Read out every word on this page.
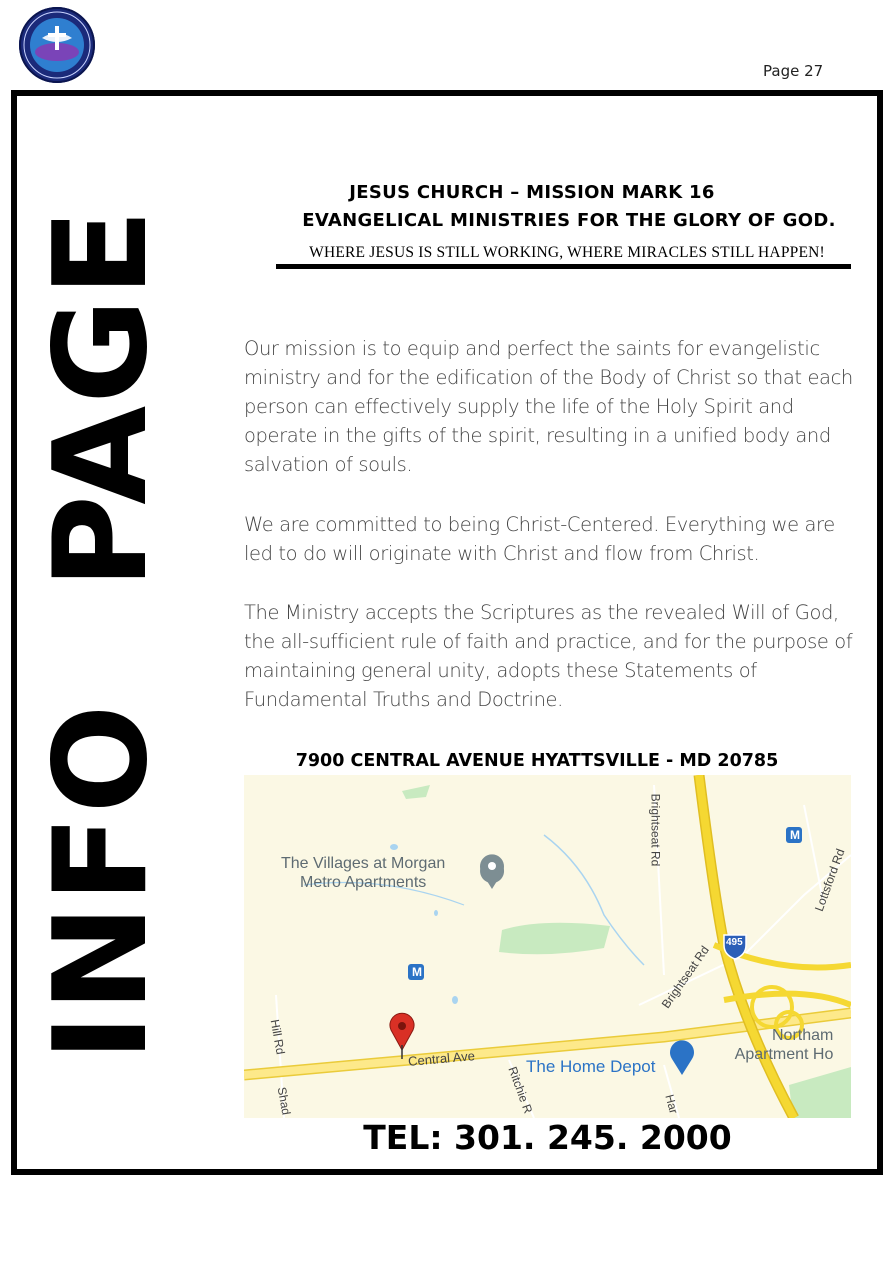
Page 27
PAGE
INFO
JESUS CHURCH – MISSION MARK 16
EVANGELICAL MINISTRIES FOR THE GLORY OF GOD.
WHERE JESUS IS STILL WORKING, WHERE MIRACLES STILL HAPPEN!

Our mission is to equip and perfect the saints for evangelistic ministry and for the edification of the Body of Christ so that each person can effectively supply the life of the Holy Spirit and operate in the gifts of the spirit, resulting in a unified body and salvation of souls.

We are committed to being Christ-Centered. Everything we are led to do will originate with Christ and flow from Christ.

The Ministry accepts the Scriptures as the revealed Will of God, the all-sufficient rule of faith and practice, and for the purpose of maintaining general unity, adopts these Statements of Fundamental Truths and Doctrine.

7900 CENTRAL AVENUE HYATTSVILLE - MD 20785
The Villages at Morgan
Metro Apartments
The Home Depot
Northam
Apartment Ho
Central Ave
Brightseat Rd
Brightseat Rd
Lottsford Rd
Hill Rd
Ritchie R
Shad	Har
495
M
M
TEL: 301. 245. 2000
